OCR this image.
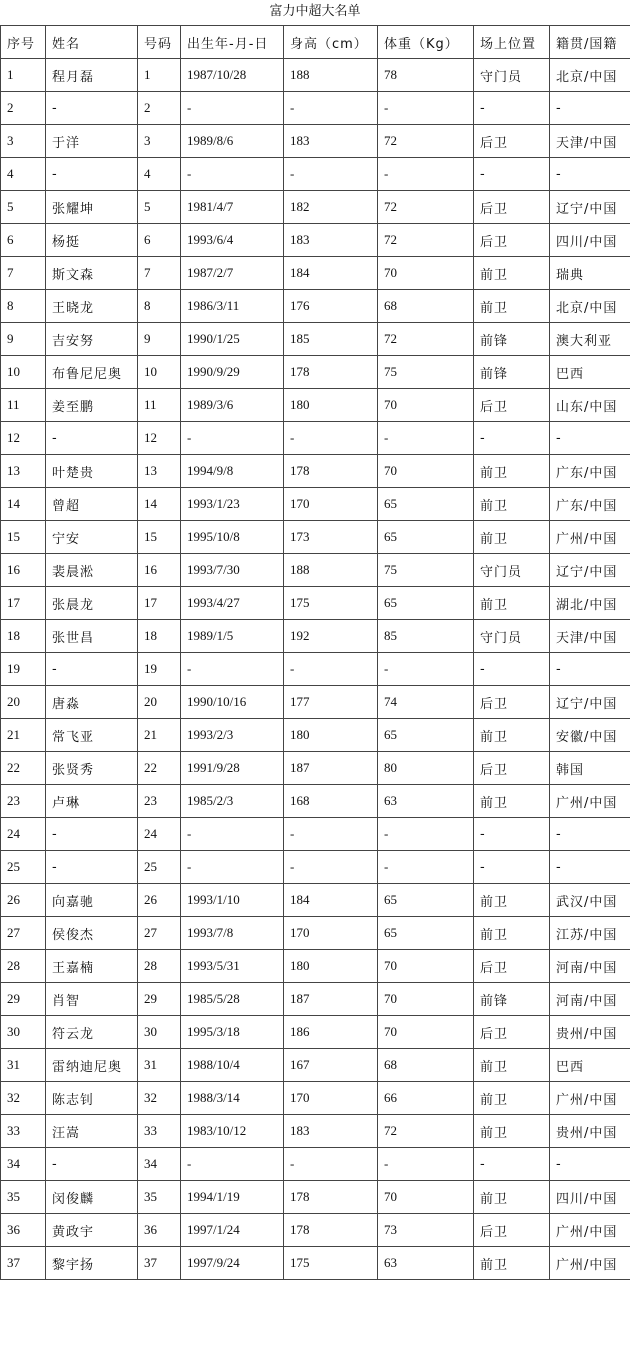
富力中超大名单
序号	姓名	号码	出生年-月-日	身高（cm）	体重（Kg）	场上位置	籍贯/国籍
1	程月磊	1	1987/10/28	188	78	守门员	北京/中国
2	-	2	-	-	-	-	-
3	于洋	3	1989/8/6	183	72	后卫	天津/中国
4	-	4	-	-	-	-	-
5	张耀坤	5	1981/4/7	182	72	后卫	辽宁/中国
6	杨挺	6	1993/6/4	183	72	后卫	四川/中国
7	斯文森	7	1987/2/7	184	70	前卫	瑞典
8	王晓龙	8	1986/3/11	176	68	前卫	北京/中国
9	吉安努	9	1990/1/25	185	72	前锋	澳大利亚
10	布鲁尼尼奥	10	1990/9/29	178	75	前锋	巴西
11	姜至鹏	11	1989/3/6	180	70	后卫	山东/中国
12	-	12	-	-	-	-	-
13	叶楚贵	13	1994/9/8	178	70	前卫	广东/中国
14	曾超	14	1993/1/23	170	65	前卫	广东/中国
15	宁安	15	1995/10/8	173	65	前卫	广州/中国
16	裴晨淞	16	1993/7/30	188	75	守门员	辽宁/中国
17	张晨龙	17	1993/4/27	175	65	前卫	湖北/中国
18	张世昌	18	1989/1/5	192	85	守门员	天津/中国
19	-	19	-	-	-	-	-
20	唐淼	20	1990/10/16	177	74	后卫	辽宁/中国
21	常飞亚	21	1993/2/3	180	65	前卫	安徽/中国
22	张贤秀	22	1991/9/28	187	80	后卫	韩国
23	卢琳	23	1985/2/3	168	63	前卫	广州/中国
24	-	24	-	-	-	-	-
25	-	25	-	-	-	-	-
26	向嘉驰	26	1993/1/10	184	65	前卫	武汉/中国
27	侯俊杰	27	1993/7/8	170	65	前卫	江苏/中国
28	王嘉楠	28	1993/5/31	180	70	后卫	河南/中国
29	肖智	29	1985/5/28	187	70	前锋	河南/中国
30	符云龙	30	1995/3/18	186	70	后卫	贵州/中国
31	雷纳迪尼奥	31	1988/10/4	167	68	前卫	巴西
32	陈志钊	32	1988/3/14	170	66	前卫	广州/中国
33	汪嵩	33	1983/10/12	183	72	前卫	贵州/中国
34	-	34	-	-	-	-	-
35	闵俊麟	35	1994/1/19	178	70	前卫	四川/中国
36	黄政宇	36	1997/1/24	178	73	后卫	广州/中国
37	黎宇扬	37	1997/9/24	175	63	前卫	广州/中国
